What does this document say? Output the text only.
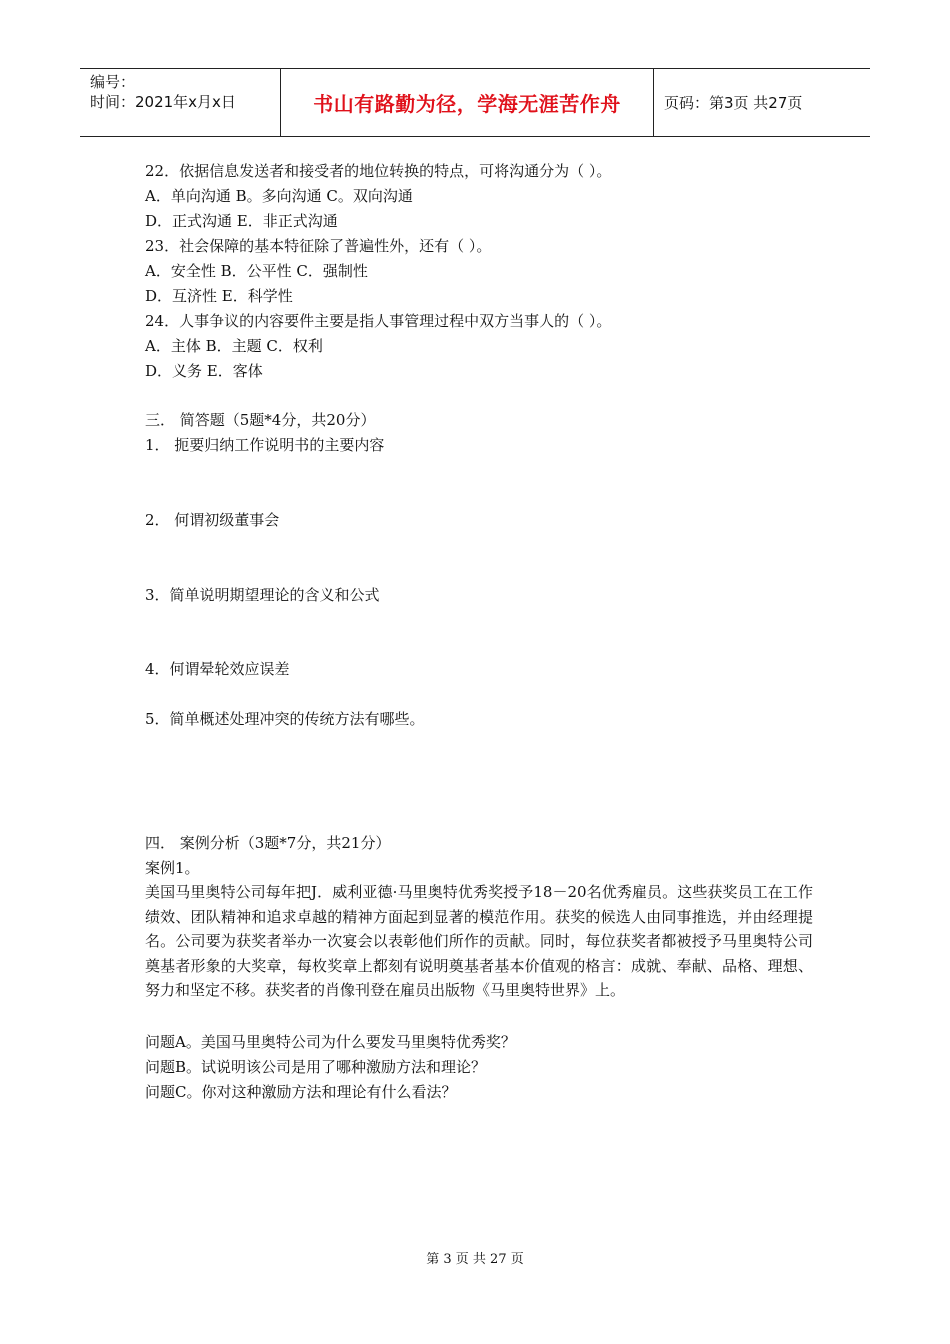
编号：
时间：2021年x月x日	书山有路勤为径，学海无涯苦作舟	页码：第3页 共27页
22．依据信息发送者和接受者的地位转换的特点，可将沟通分为（ ）。
A．单向沟通 B。多向沟通 C。双向沟通
D．正式沟通 E．非正式沟通
23．社会保障的基本特征除了普遍性外，还有（ ）。
A．安全性 B．公平性 C．强制性
D．互济性 E．科学性
24．人事争议的内容要件主要是指人事管理过程中双方当事人的（ ）。
A．主体 B．主题 C．权利
D．义务 E．客体
三． 简答题（5题*4分，共20分）
1． 扼要归纳工作说明书的主要内容
2． 何谓初级董事会
3．简单说明期望理论的含义和公式
4．何谓晕轮效应误差
5．简单概述处理冲突的传统方法有哪些。
四． 案例分析（3题*7分，共21分）
案例1。
美国马里奥特公司每年把J．威利亚德·马里奥特优秀奖授予18－20名优秀雇员。这些获奖员工在工作绩效、团队精神和追求卓越的精神方面起到显著的模范作用。获奖的候选人由同事推选，并由经理提名。公司要为获奖者举办一次宴会以表彰他们所作的贡献。同时，每位获奖者都被授予马里奥特公司奠基者形象的大奖章，每枚奖章上都刻有说明奠基者基本价值观的格言：成就、奉献、品格、理想、努力和坚定不移。获奖者的肖像刊登在雇员出版物《马里奥特世界》上。
问题A。美国马里奥特公司为什么要发马里奥特优秀奖？
问题B。试说明该公司是用了哪种激励方法和理论？
问题C。你对这种激励方法和理论有什么看法？
第 3 页 共 27 页
